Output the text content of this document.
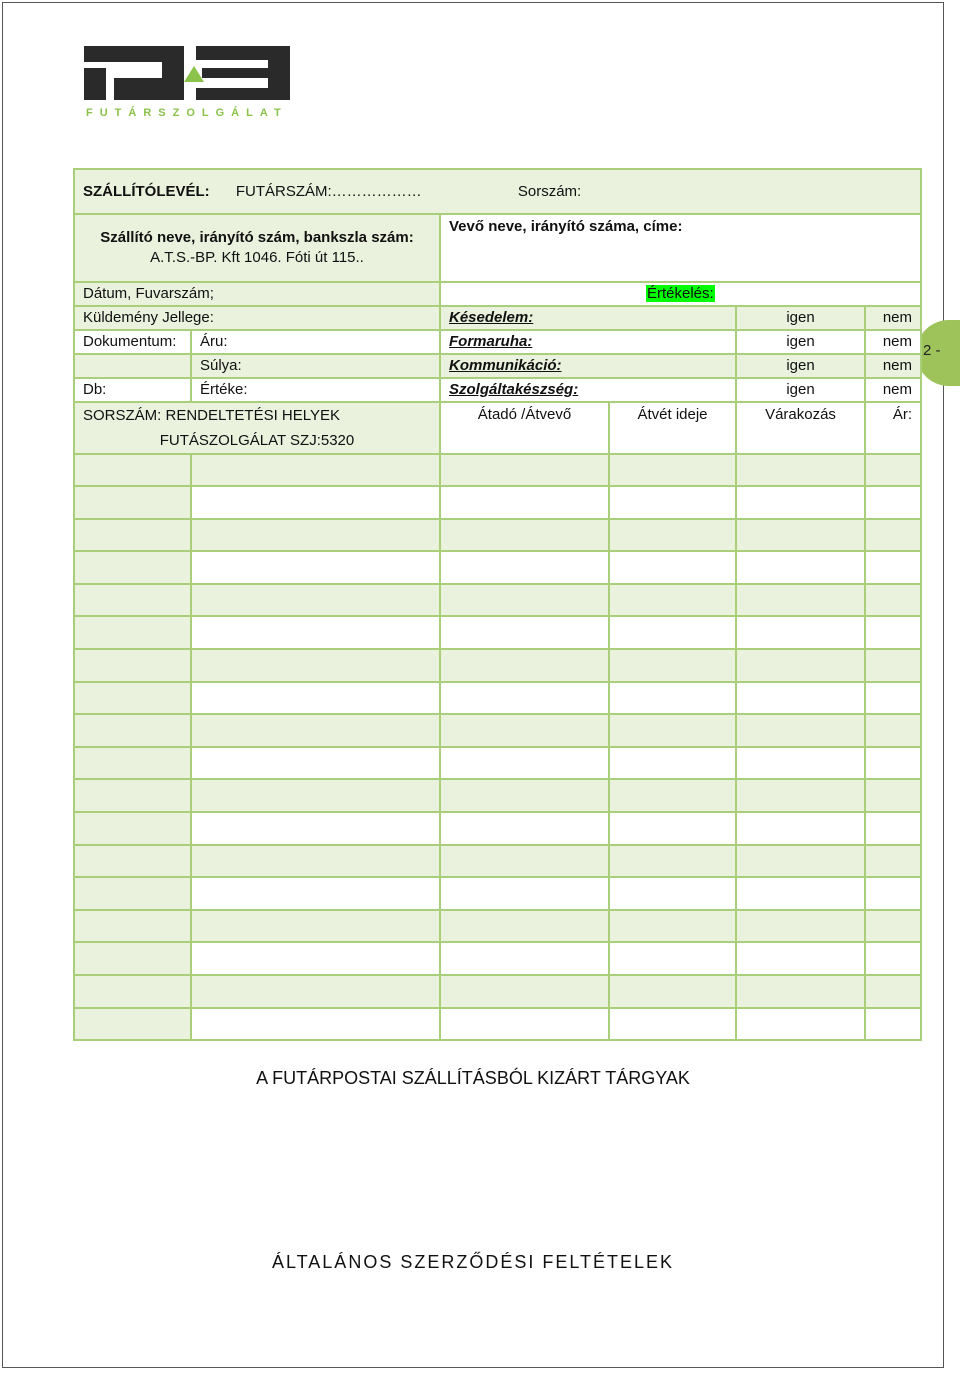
FUTÁRSZOLGÁLAT
2 -
SZÁLLÍTÓLEVÉL: FUTÁRSZÁM:……………… Sorszám:					

Szállító neve, irányító szám, bankszla szám:
A.T.S.-BP. Kft 1046. Fóti út 115..		Vevő neve, irányító száma, címe:			
Dátum, Fuvarszám;		Értékelés:			
Küldemény Jellege:		Késedelem:		igen	nem
Dokumentum:	Áru:	Formaruha:		igen	nem
	Súlya:	Kommunikáció:		igen	nem
Db:	Értéke:	Szolgáltakészség:		igen	nem

SORSZÁM: RENDELTETÉSI HELYEK
FUTÁSZOLGÁLAT SZJ:5320		Átadó /Átvevő	Átvét ideje	Várakozás	Ár:

A FUTÁRPOSTAI SZÁLLÍTÁSBÓL KIZÁRT TÁRGYAK
ÁLTALÁNOS SZERZŐDÉSI FELTÉTELEK
